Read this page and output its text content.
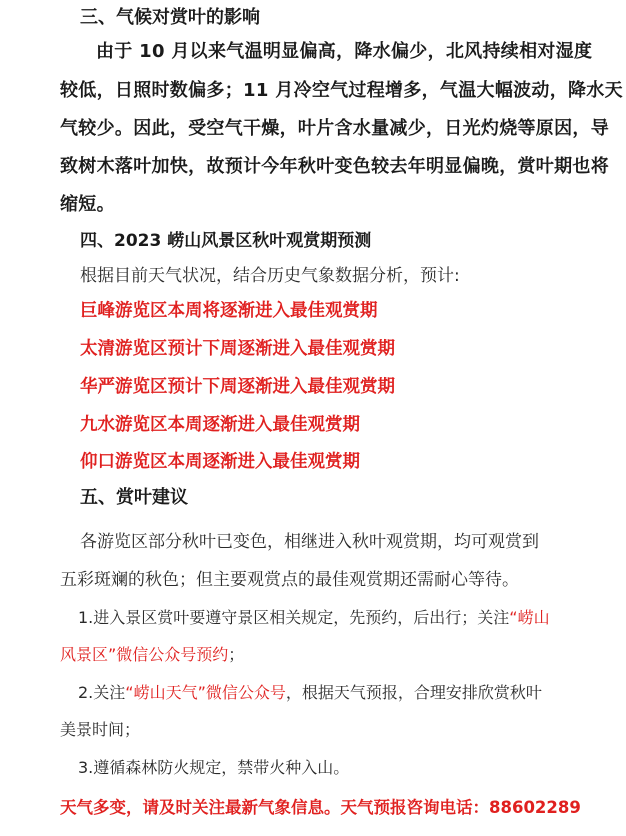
三、气候对赏叶的影响
由于 10 月以来气温明显偏高，降水偏少，北风持续相对湿度
较低，日照时数偏多；11 月冷空气过程增多，气温大幅波动，降水天
气较少。因此，受空气干燥，叶片含水量减少，日光灼烧等原因，导
致树木落叶加快，故预计今年秋叶变色较去年明显偏晚，赏叶期也将
缩短。
四、2023 崂山风景区秋叶观赏期预测
根据目前天气状况，结合历史气象数据分析，预计:
巨峰游览区本周将逐渐进入最佳观赏期
太清游览区预计下周逐渐进入最佳观赏期
华严游览区预计下周逐渐进入最佳观赏期
九水游览区本周逐渐进入最佳观赏期
仰口游览区本周逐渐进入最佳观赏期
五、赏叶建议
各游览区部分秋叶已变色，相继进入秋叶观赏期，均可观赏到
五彩斑斓的秋色；但主要观赏点的最佳观赏期还需耐心等待。
1.进入景区赏叶要遵守景区相关规定，先预约，后出行；关注“崂山
风景区”微信公众号预约；
2.关注“崂山天气”微信公众号，根据天气预报，合理安排欣赏秋叶
美景时间；
3.遵循森林防火规定，禁带火种入山。
天气多变，请及时关注最新气象信息。天气预报咨询电话：88602289
